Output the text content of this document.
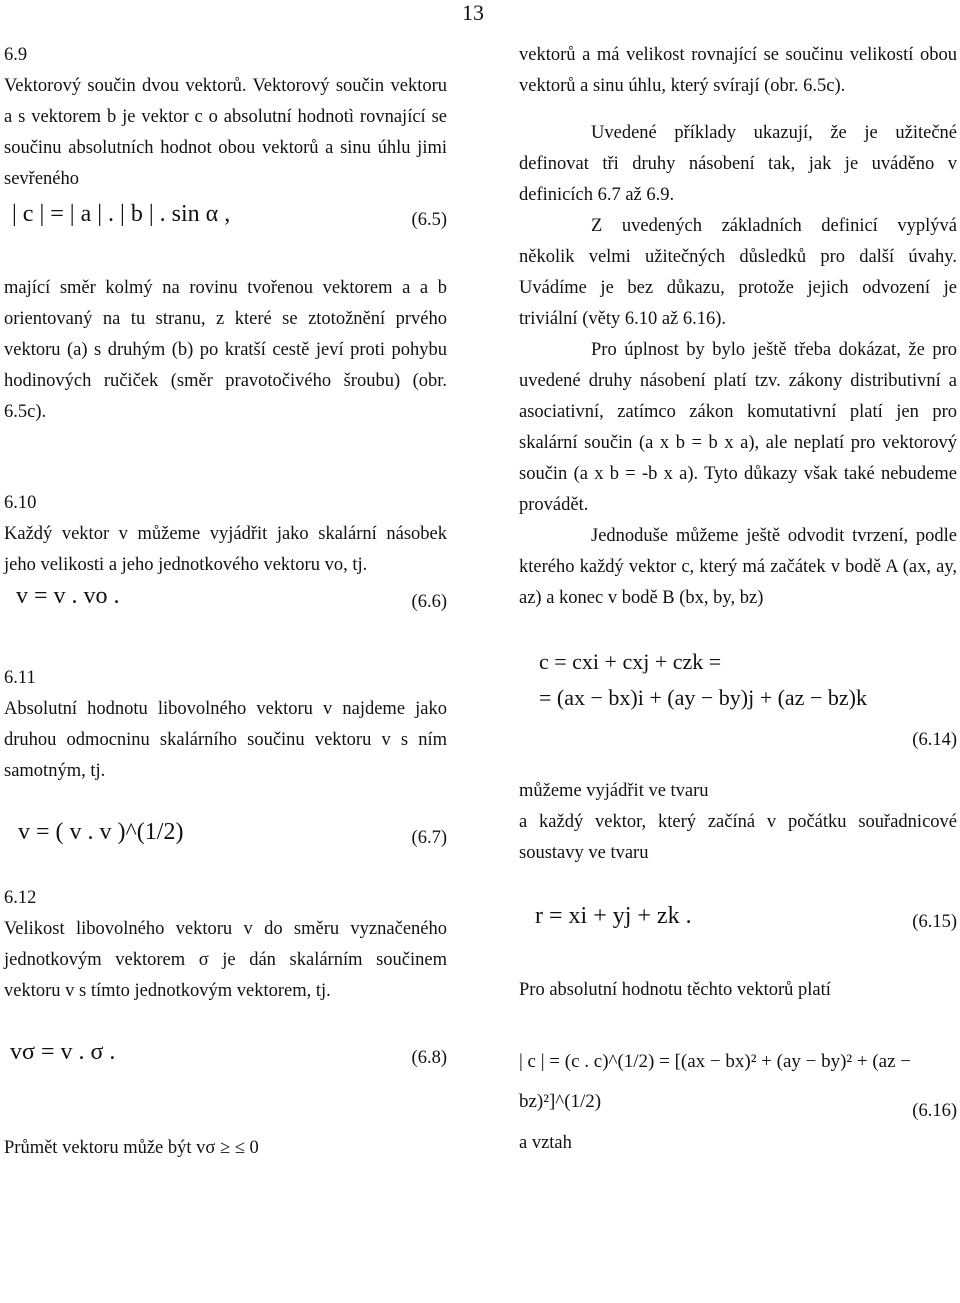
13

6.9

Vektorový součin dvou vektorů. Vektorový součin vektoru a s vektorem b je vektor c o absolutní hodnotì rovnající se součinu absolutních hodnot obou vektorů a sinu úhlu jimi sevřeného

| c | = | a | . | b | . sin α ,	(6.5)

mající směr kolmý na rovinu tvořenou vektorem a a b orientovaný na tu stranu, z které se ztotožnění prvého vektoru (a) s druhým (b) po kratší cestě jeví proti pohybu hodinových ručiček (směr pravotočivého šroubu) (obr. 6.5c).

6.10

Každý vektor v můžeme vyjádřit jako skalární násobek jeho velikosti a jeho jednotkového vektoru vo, tj.

v = v . vo .	(6.6)

6.11

Absolutní hodnotu libovolného vektoru v najdeme jako druhou odmocninu skalárního součinu vektoru v s ním samotným, tj.

v = ( v . v )^(1/2)	(6.7)

6.12

Velikost libovolného vektoru v do směru vyznačeného jednotkovým vektorem σ je dán skalárním součinem vektoru v s tímto jednotkovým vektorem, tj.

vσ = v . σ .	(6.8)

Průmět vektoru může být vσ ≥ ≤ 0

vektorů a má velikost rovnající se součinu velikostí obou vektorů a sinu úhlu, který svírají (obr. 6.5c).

Uvedené příklady ukazují, že je užitečné definovat tři druhy násobení tak, jak je uváděno v definicích 6.7 až 6.9.

Z uvedených základních definicí vyplývá několik velmi užitečných důsledků pro další úvahy. Uvádíme je bez důkazu, protože jejich odvození je triviální (věty 6.10 až 6.16).

Pro úplnost by bylo ještě třeba dokázat, že pro uvedené druhy násobení platí tzv. zákony distributivní a asociativní, zatímco zákon komutativní platí jen pro skalární součin (a x b = b x a), ale neplatí pro vektorový součin (a x b = -b x a). Tyto důkazy však také nebudeme provádět.

Jednoduše můžeme ještě odvodit tvrzení, podle kterého každý vektor c, který má začátek v bodě A (ax, ay, az) a konec v bodě B (bx, by, bz)

c = cxi + cxj + czk =
= (ax − bx)i + (ay − by)j + (az − bz)k
(6.14)

můžeme vyjádřit ve tvaru

a každý vektor, který začíná v počátku souřadnicové soustavy ve tvaru

r = xi + yj + zk .	(6.15)

Pro absolutní hodnotu těchto vektorů platí

| c | = (c . c)^(1/2) = [(ax − bx)² + (ay − by)² + (az − bz)²]^(1/2)	(6.16)

a vztah
